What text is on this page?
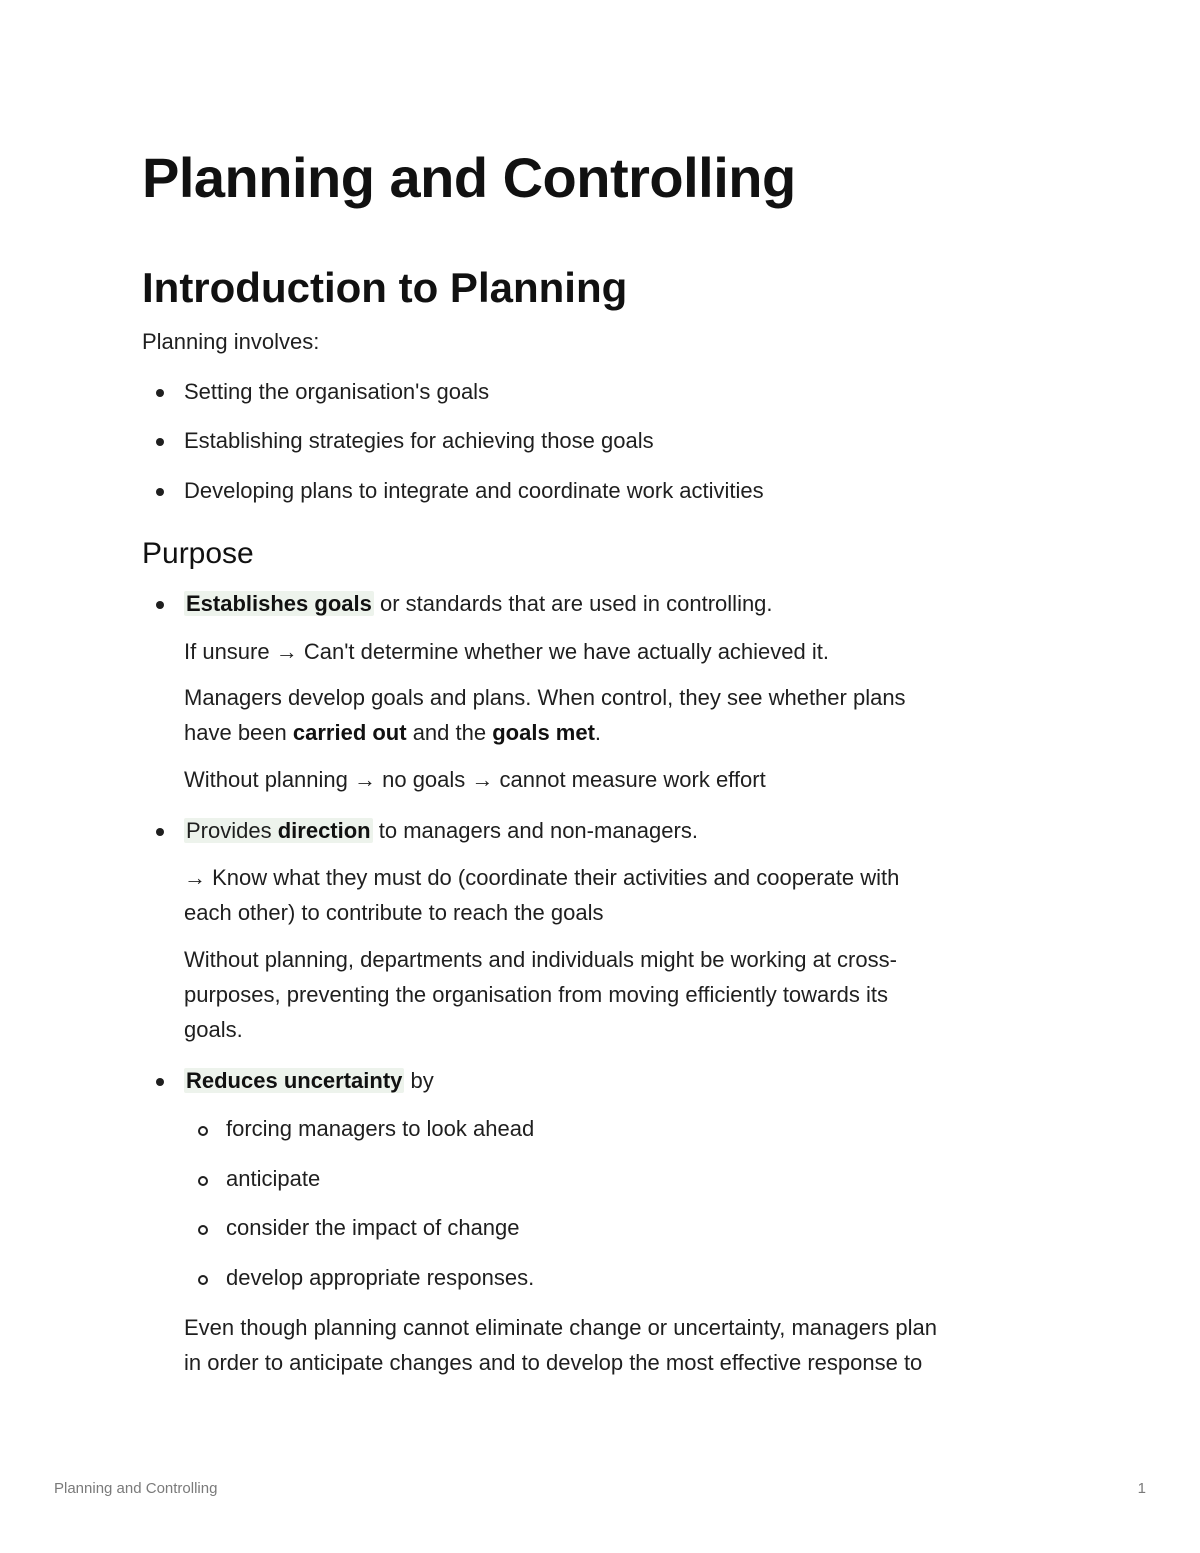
Planning and Controlling
Introduction to Planning

Planning involves:

Setting the organisation's goals

Establishing strategies for achieving those goals

Developing plans to integrate and coordinate work activities

Purpose

Establishes goals or standards that are used in controlling.

If unsure → Can't determine whether we have actually achieved it.

Managers develop goals and plans. When control, they see whether plans

have been carried out and the goals met.

Without planning → no goals → cannot measure work effort

Provides direction to managers and non-managers.

→ Know what they must do (coordinate their activities and cooperate with

each other) to contribute to reach the goals

Without planning, departments and individuals might be working at cross-

purposes, preventing the organisation from moving efficiently towards its

goals.

Reduces uncertainty by

forcing managers to look ahead

anticipate

consider the impact of change

develop appropriate responses.

Even though planning cannot eliminate change or uncertainty, managers plan

in order to anticipate changes and to develop the most effective response to

Planning and Controlling	1
